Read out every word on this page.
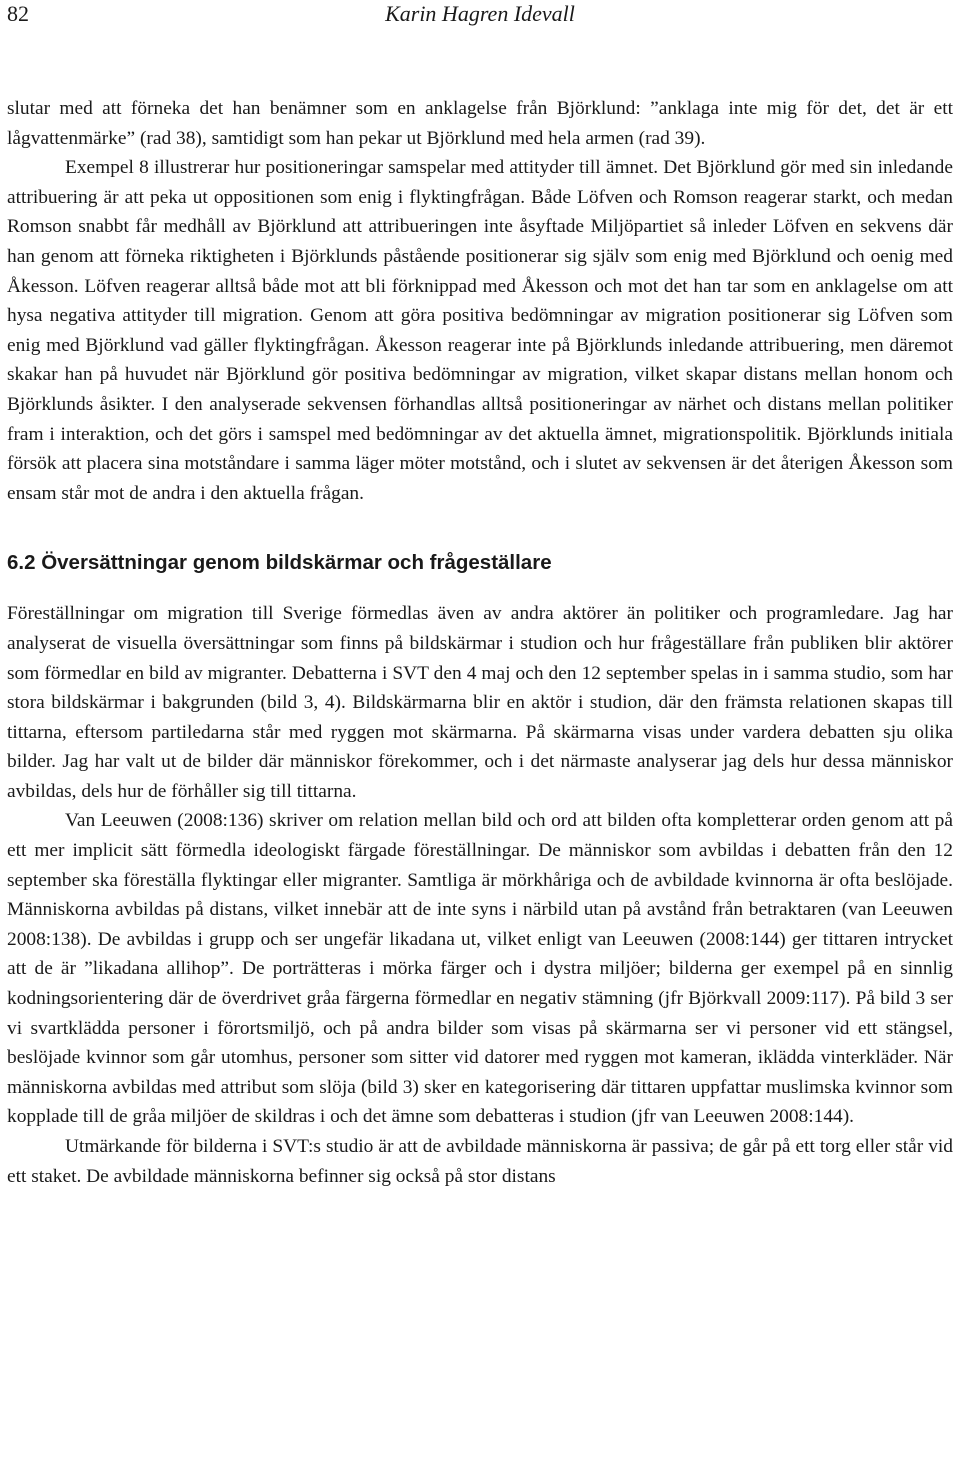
82	Karin Hagren Idevall

slutar med att förneka det han benämner som en anklagelse från Björklund: ”anklaga inte mig för det, det är ett lågvattenmärke” (rad 38), samtidigt som han pekar ut Björklund med hela armen (rad 39).

Exempel 8 illustrerar hur positioneringar samspelar med attityder till ämnet. Det Björklund gör med sin inledande attribuering är att peka ut oppositionen som enig i flyktingfrågan. Både Löfven och Romson reagerar starkt, och medan Romson snabbt får medhåll av Björklund att attribueringen inte åsyftade Miljöpartiet så inleder Löfven en sekvens där han genom att förneka riktigheten i Björklunds påstående positionerar sig själv som enig med Björklund och oenig med Åkesson. Löfven reagerar alltså både mot att bli förknippad med Åkesson och mot det han tar som en anklagelse om att hysa negativa attityder till migration. Genom att göra positiva bedömningar av migration positionerar sig Löfven som enig med Björklund vad gäller flyktingfrågan. Åkesson reagerar inte på Björklunds inledande attribuering, men däremot skakar han på huvudet när Björklund gör positiva bedömningar av migration, vilket skapar distans mellan honom och Björklunds åsikter. I den analyserade sekvensen förhandlas alltså positioneringar av närhet och distans mellan politiker fram i interaktion, och det görs i samspel med bedömningar av det aktuella ämnet, migrationspolitik. Björklunds initiala försök att placera sina motståndare i samma läger möter motstånd, och i slutet av sekvensen är det återigen Åkesson som ensam står mot de andra i den aktuella frågan.

6.2 Översättningar genom bildskärmar och frågeställare

Föreställningar om migration till Sverige förmedlas även av andra aktörer än politiker och programledare. Jag har analyserat de visuella översättningar som finns på bildskärmar i studion och hur frågeställare från publiken blir aktörer som förmedlar en bild av migranter. Debatterna i SVT den 4 maj och den 12 september spelas in i samma studio, som har stora bildskärmar i bakgrunden (bild 3, 4). Bildskärmarna blir en aktör i studion, där den främsta relationen skapas till tittarna, eftersom partiledarna står med ryggen mot skärmarna. På skärmarna visas under vardera debatten sju olika bilder. Jag har valt ut de bilder där människor förekommer, och i det närmaste analyserar jag dels hur dessa människor avbildas, dels hur de förhåller sig till tittarna.

Van Leeuwen (2008:136) skriver om relation mellan bild och ord att bilden ofta kompletterar orden genom att på ett mer implicit sätt förmedla ideologiskt färgade föreställningar. De människor som avbildas i debatten från den 12 september ska föreställa flyktingar eller migranter. Samtliga är mörkhåriga och de avbildade kvinnorna är ofta beslöjade. Människorna avbildas på distans, vilket innebär att de inte syns i närbild utan på avstånd från betraktaren (van Leeuwen 2008:138). De avbildas i grupp och ser ungefär likadana ut, vilket enligt van Leeuwen (2008:144) ger tittaren intrycket att de är ”likadana allihop”. De porträtteras i mörka färger och i dystra miljöer; bilderna ger exempel på en sinnlig kodningsorientering där de överdrivet gråa färgerna förmedlar en negativ stämning (jfr Björkvall 2009:117). På bild 3 ser vi svartklädda personer i förortsmiljö, och på andra bilder som visas på skärmarna ser vi personer vid ett stängsel, beslöjade kvinnor som går utomhus, personer som sitter vid datorer med ryggen mot kameran, iklädda vinterkläder. När människorna avbildas med attribut som slöja (bild 3) sker en kategorisering där tittaren uppfattar muslimska kvinnor som kopplade till de gråa miljöer de skildras i och det ämne som debatteras i studion (jfr van Leeuwen 2008:144).

Utmärkande för bilderna i SVT:s studio är att de avbildade människorna är passiva; de går på ett torg eller står vid ett staket. De avbildade människorna befinner sig också på stor distans
